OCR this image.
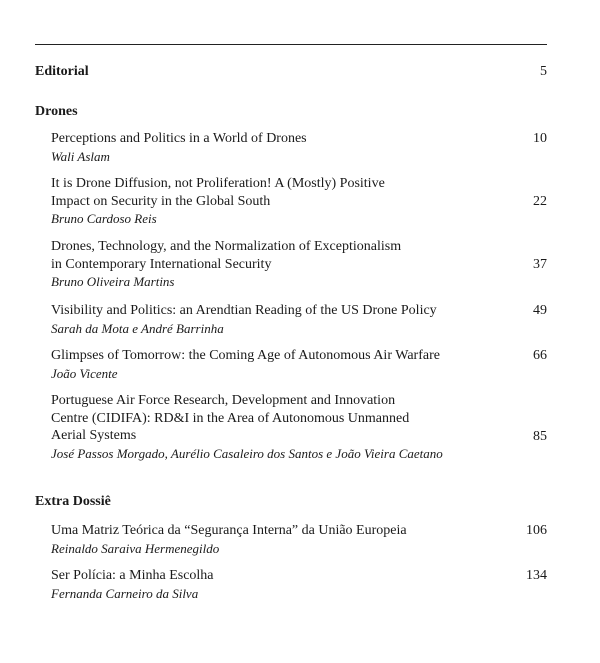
Editorial	5
Drones
Perceptions and Politics in a World of Drones
Wali Aslam
10
It is Drone Diffusion, not Proliferation! A (Mostly) Positive
Impact on Security in the Global South
Bruno Cardoso Reis
22
Drones, Technology, and the Normalization of Exceptionalism
in Contemporary International Security
Bruno Oliveira Martins
37
Visibility and Politics: an Arendtian Reading of the US Drone Policy
Sarah da Mota e André Barrinha
49
Glimpses of Tomorrow: the Coming Age of Autonomous Air Warfare
João Vicente
66
Portuguese Air Force Research, Development and Innovation
Centre (CIDIFA): RD&I in the Area of Autonomous Unmanned
Aerial Systems
José Passos Morgado, Aurélio Casaleiro dos Santos e João Vieira Caetano
85
Extra Dossiê
Uma Matriz Teórica da “Segurança Interna” da União Europeia
Reinaldo Saraiva Hermenegildo
106
Ser Polícia: a Minha Escolha
Fernanda Carneiro da Silva
134
